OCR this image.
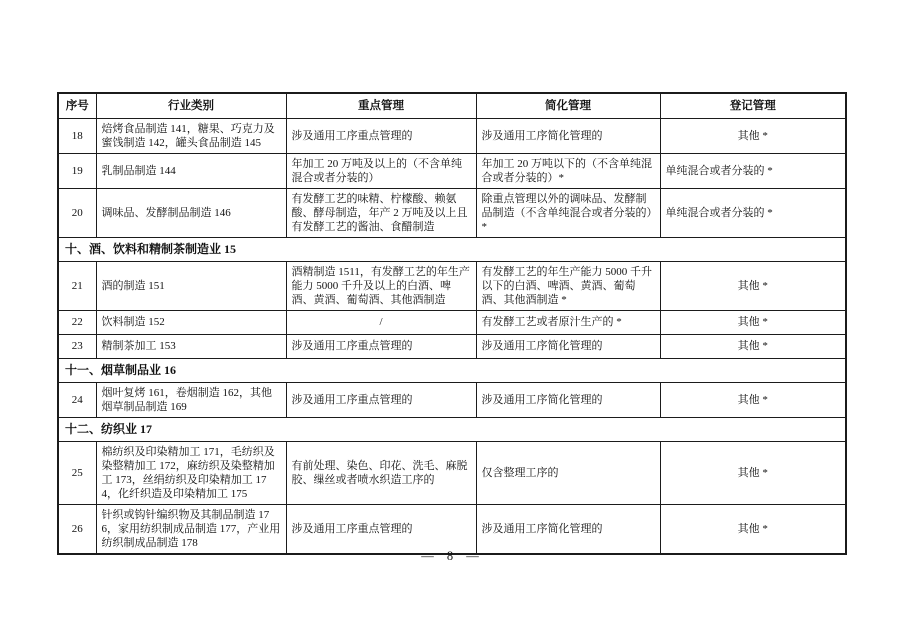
序号	行业类别	重点管理	简化管理	登记管理
18	焙烤食品制造 141，糖果、巧克力及蜜饯制造 142，罐头食品制造 145	涉及通用工序重点管理的	涉及通用工序简化管理的	其他 *
19	乳制品制造 144	年加工 20 万吨及以上的（不含单纯混合或者分装的）	年加工 20 万吨以下的（不含单纯混合或者分装的）*	单纯混合或者分装的 *
20	调味品、发酵制品制造 146	有发酵工艺的味精、柠檬酸、赖氨酸、酵母制造，年产 2 万吨及以上且有发酵工艺的酱油、食醋制造	除重点管理以外的调味品、发酵制品制造（不含单纯混合或者分装的）*	单纯混合或者分装的 *
十、酒、饮料和精制茶制造业 15				
21	酒的制造 151	酒精制造 1511，有发酵工艺的年生产能力 5000 千升及以上的白酒、啤酒、黄酒、葡萄酒、其他酒制造	有发酵工艺的年生产能力 5000 千升以下的白酒、啤酒、黄酒、葡萄酒、其他酒制造 *	其他 *
22	饮料制造 152	/	有发酵工艺或者原汁生产的 *	其他 *
23	精制茶加工 153	涉及通用工序重点管理的	涉及通用工序简化管理的	其他 *
十一、烟草制品业 16				
24	烟叶复烤 161，卷烟制造 162，其他烟草制品制造 169	涉及通用工序重点管理的	涉及通用工序简化管理的	其他 *
十二、纺织业 17				
25	棉纺织及印染精加工 171，毛纺织及染整精加工 172，麻纺织及染整精加工 173，丝绢纺织及印染精加工 174，化纤织造及印染精加工 175	有前处理、染色、印花、洗毛、麻脱胶、缫丝或者喷水织造工序的	仅含整理工序的	其他 *
26	针织或钩针编织物及其制品制造 176，家用纺织制成品制造 177，产业用纺织制成品制造 178	涉及通用工序重点管理的	涉及通用工序简化管理的	其他 *
— 8 —
